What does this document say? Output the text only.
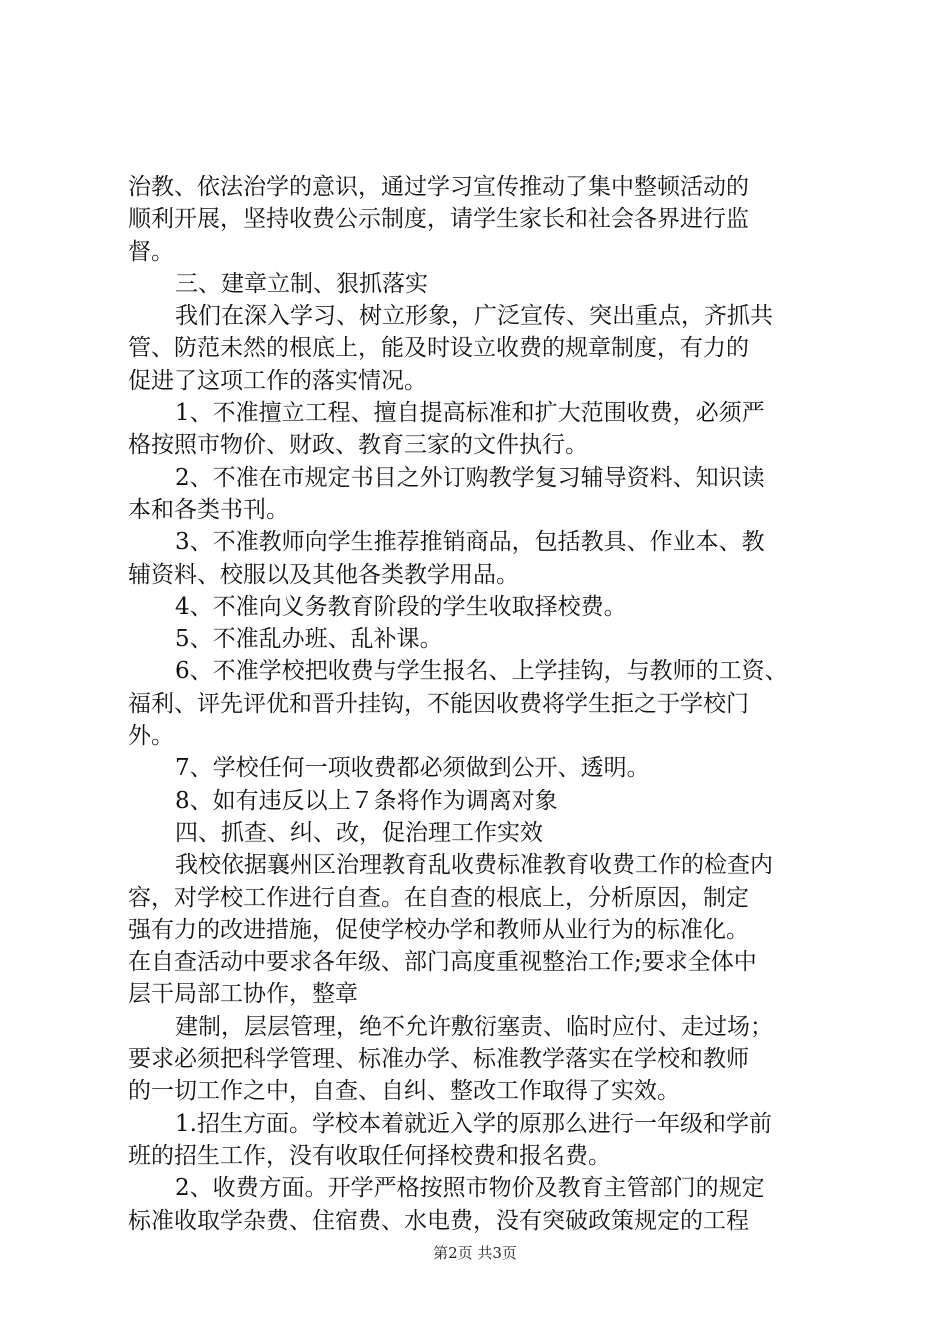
治教、依法治学的意识，通过学习宣传推动了集中整顿活动的
顺利开展，坚持收费公示制度，请学生家长和社会各界进行监
督。
三、建章立制、狠抓落实
我们在深入学习、树立形象，广泛宣传、突出重点，齐抓共
管、防范未然的根底上，能及时设立收费的规章制度，有力的
促进了这项工作的落实情况。
1、不准擅立工程、擅自提高标准和扩大范围收费，必须严
格按照市物价、财政、教育三家的文件执行。
2、不准在市规定书目之外订购教学复习辅导资料、知识读
本和各类书刊。
3、不准教师向学生推荐推销商品，包括教具、作业本、教
辅资料、校服以及其他各类教学用品。
4、不准向义务教育阶段的学生收取择校费。
5、不准乱办班、乱补课。
6、不准学校把收费与学生报名、上学挂钩，与教师的工资、
福利、评先评优和晋升挂钩，不能因收费将学生拒之于学校门
外。
7、学校任何一项收费都必须做到公开、透明。
8、如有违反以上７条将作为调离对象
四、抓查、纠、改，促治理工作实效
我校依据襄州区治理教育乱收费标准教育收费工作的检查内
容，对学校工作进行自查。在自查的根底上，分析原因，制定
强有力的改进措施，促使学校办学和教师从业行为的标准化。
在自查活动中要求各年级、部门高度重视整治工作;要求全体中
层干局部工协作，整章
建制，层层管理，绝不允许敷衍塞责、临时应付、走过场；
要求必须把科学管理、标准办学、标准教学落实在学校和教师
的一切工作之中，自查、自纠、整改工作取得了实效。
1.招生方面。学校本着就近入学的原那么进行一年级和学前
班的招生工作，没有收取任何择校费和报名费。
2、收费方面。开学严格按照市物价及教育主管部门的规定
标准收取学杂费、住宿费、水电费，没有突破政策规定的工程
第2页 共3页
